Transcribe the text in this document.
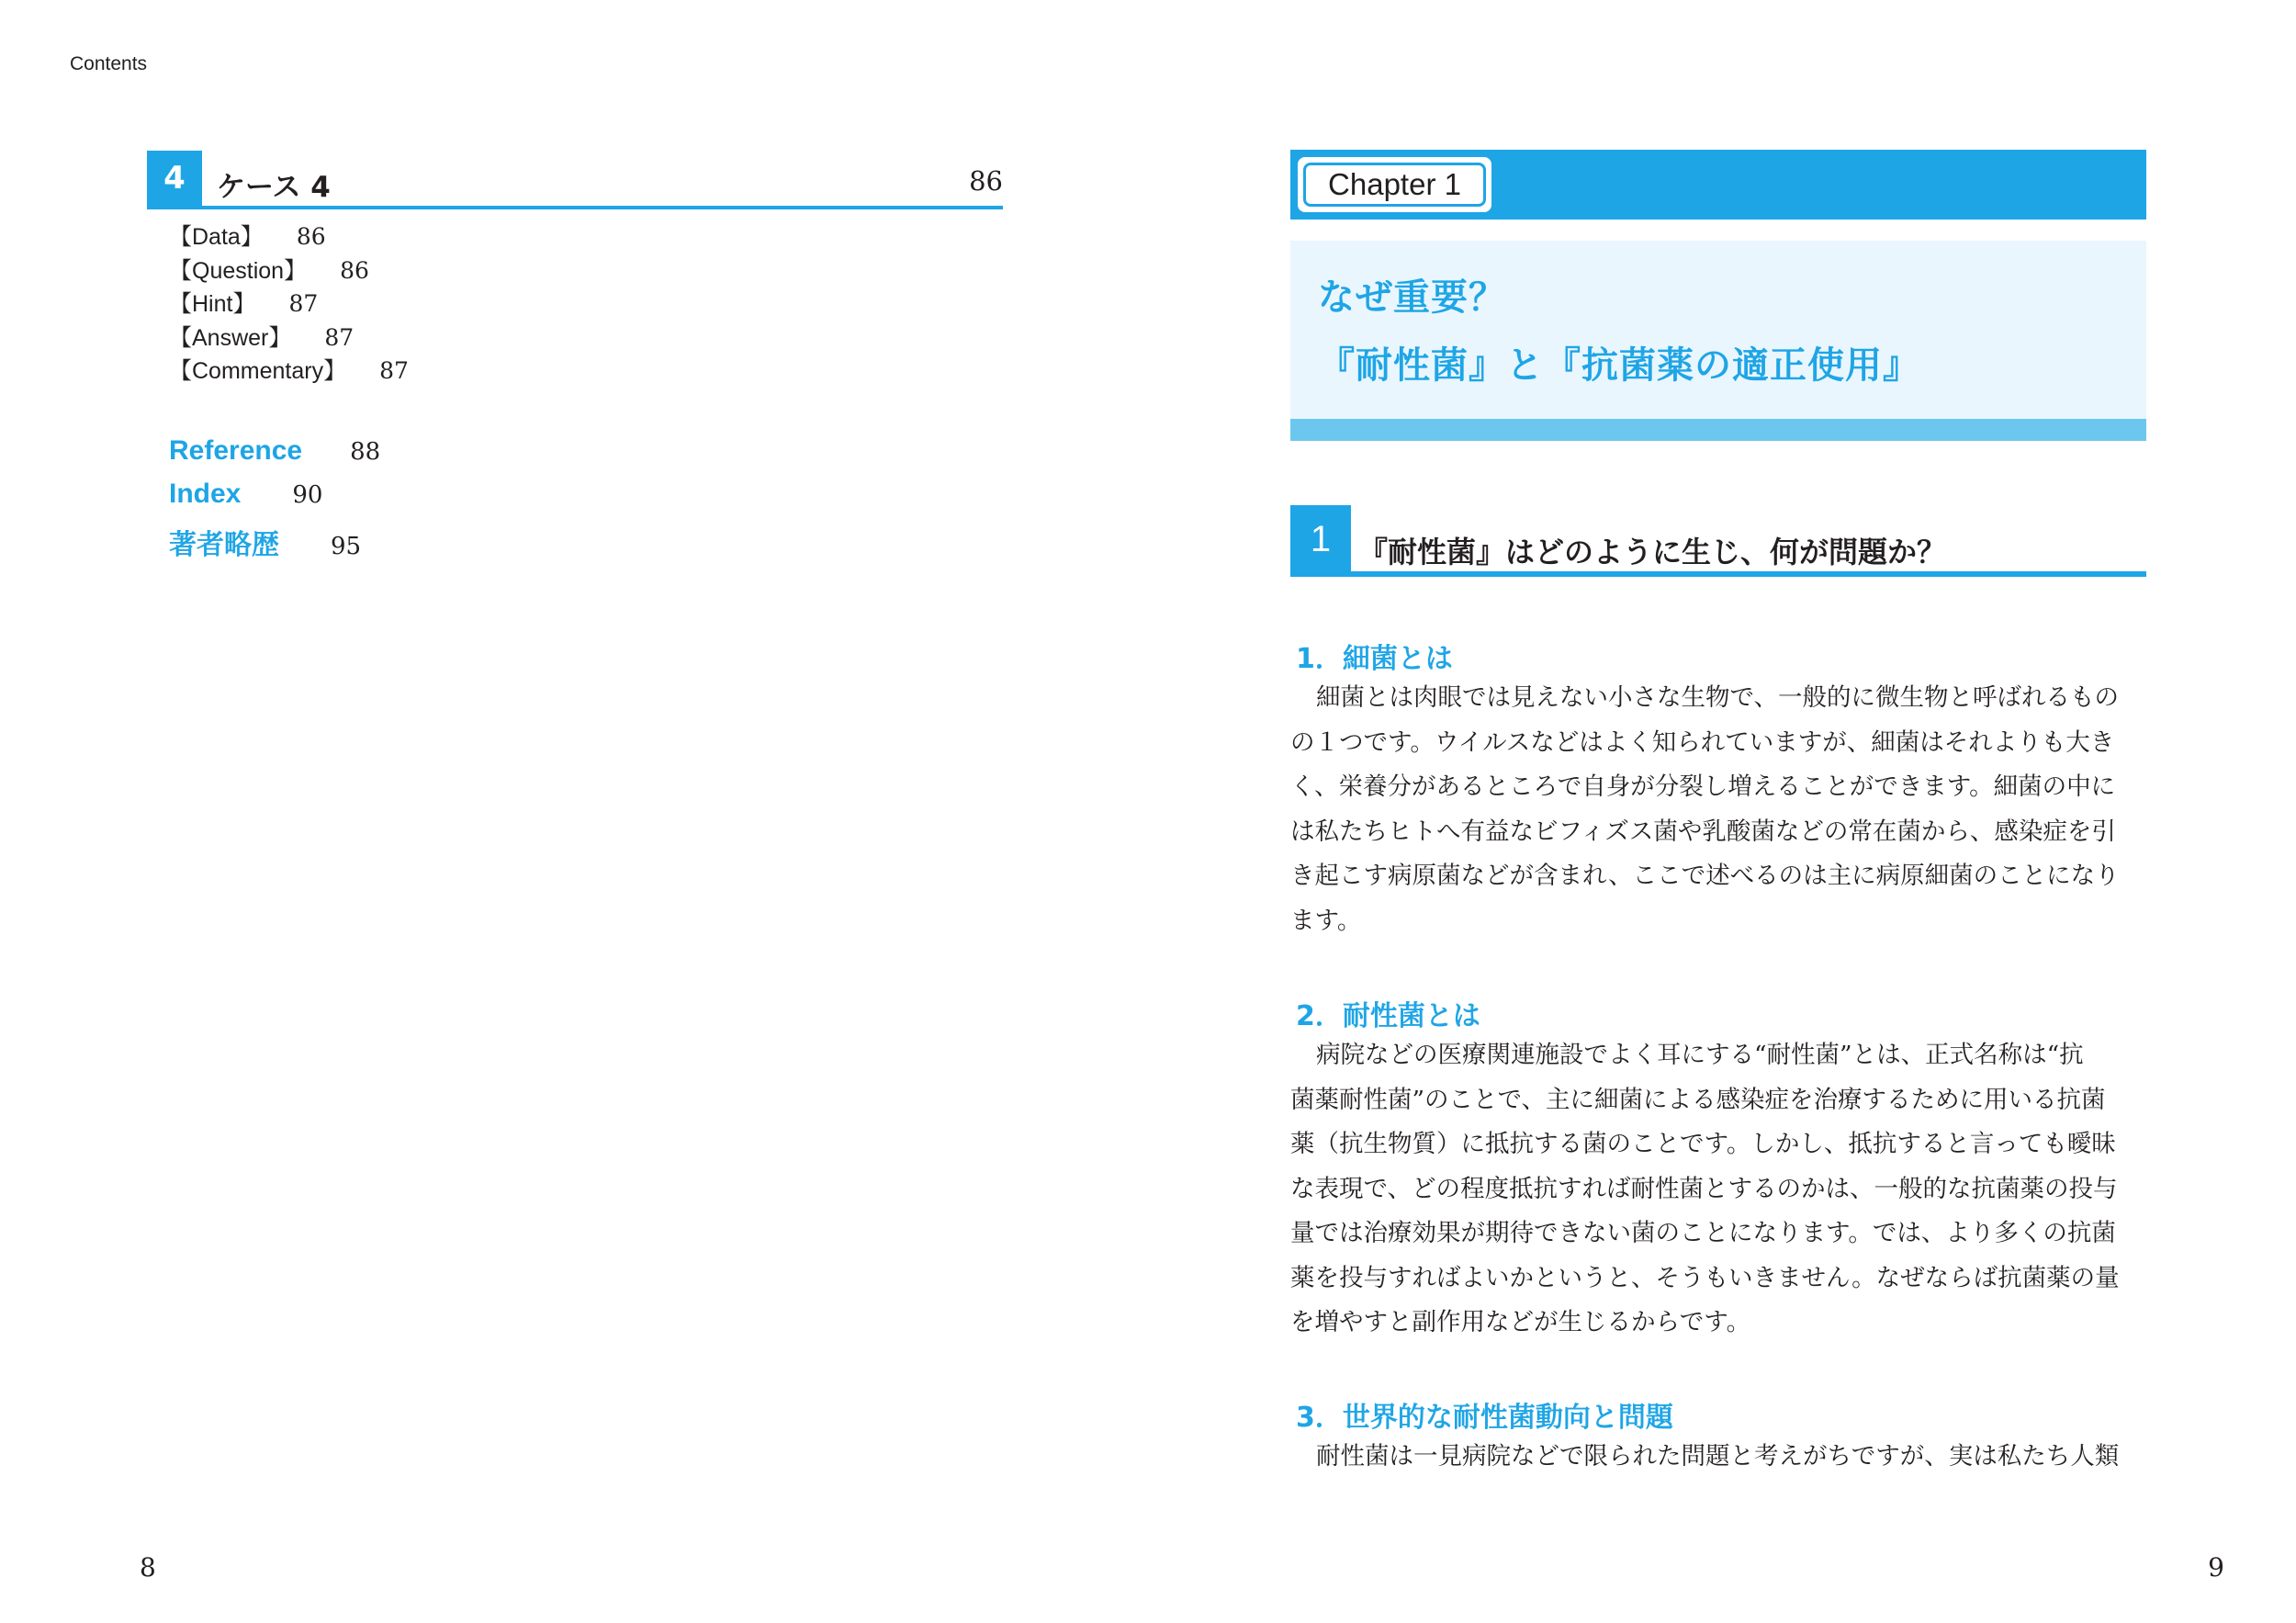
Contents
4	ケース 4	86
【Data】 86
【Question】 86
【Hint】 87
【Answer】 87
【Commentary】 87
Reference 88
Index 90
著者略歴 95
8
Chapter 1
なぜ重要？
『耐性菌』と『抗菌薬の適正使用』
1 『耐性菌』はどのように生じ、何が問題か？
1．細菌とは
細菌とは肉眼では見えない小さな生物で、一般的に微生物と呼ばれるもの
の１つです。ウイルスなどはよく知られていますが、細菌はそれよりも大き
く、栄養分があるところで自身が分裂し増えることができます。細菌の中に
は私たちヒトへ有益なビフィズス菌や乳酸菌などの常在菌から、感染症を引
き起こす病原菌などが含まれ、ここで述べるのは主に病原細菌のことになり
ます。
2．耐性菌とは
病院などの医療関連施設でよく耳にする“耐性菌”とは、正式名称は“抗
菌薬耐性菌”のことで、主に細菌による感染症を治療するために用いる抗菌
薬（抗生物質）に抵抗する菌のことです。しかし、抵抗すると言っても曖昧
な表現で、どの程度抵抗すれば耐性菌とするのかは、一般的な抗菌薬の投与
量では治療効果が期待できない菌のことになります。では、より多くの抗菌
薬を投与すればよいかというと、そうもいきません。なぜならば抗菌薬の量
を増やすと副作用などが生じるからです。
3．世界的な耐性菌動向と問題
耐性菌は一見病院などで限られた問題と考えがちですが、実は私たち人類
9
